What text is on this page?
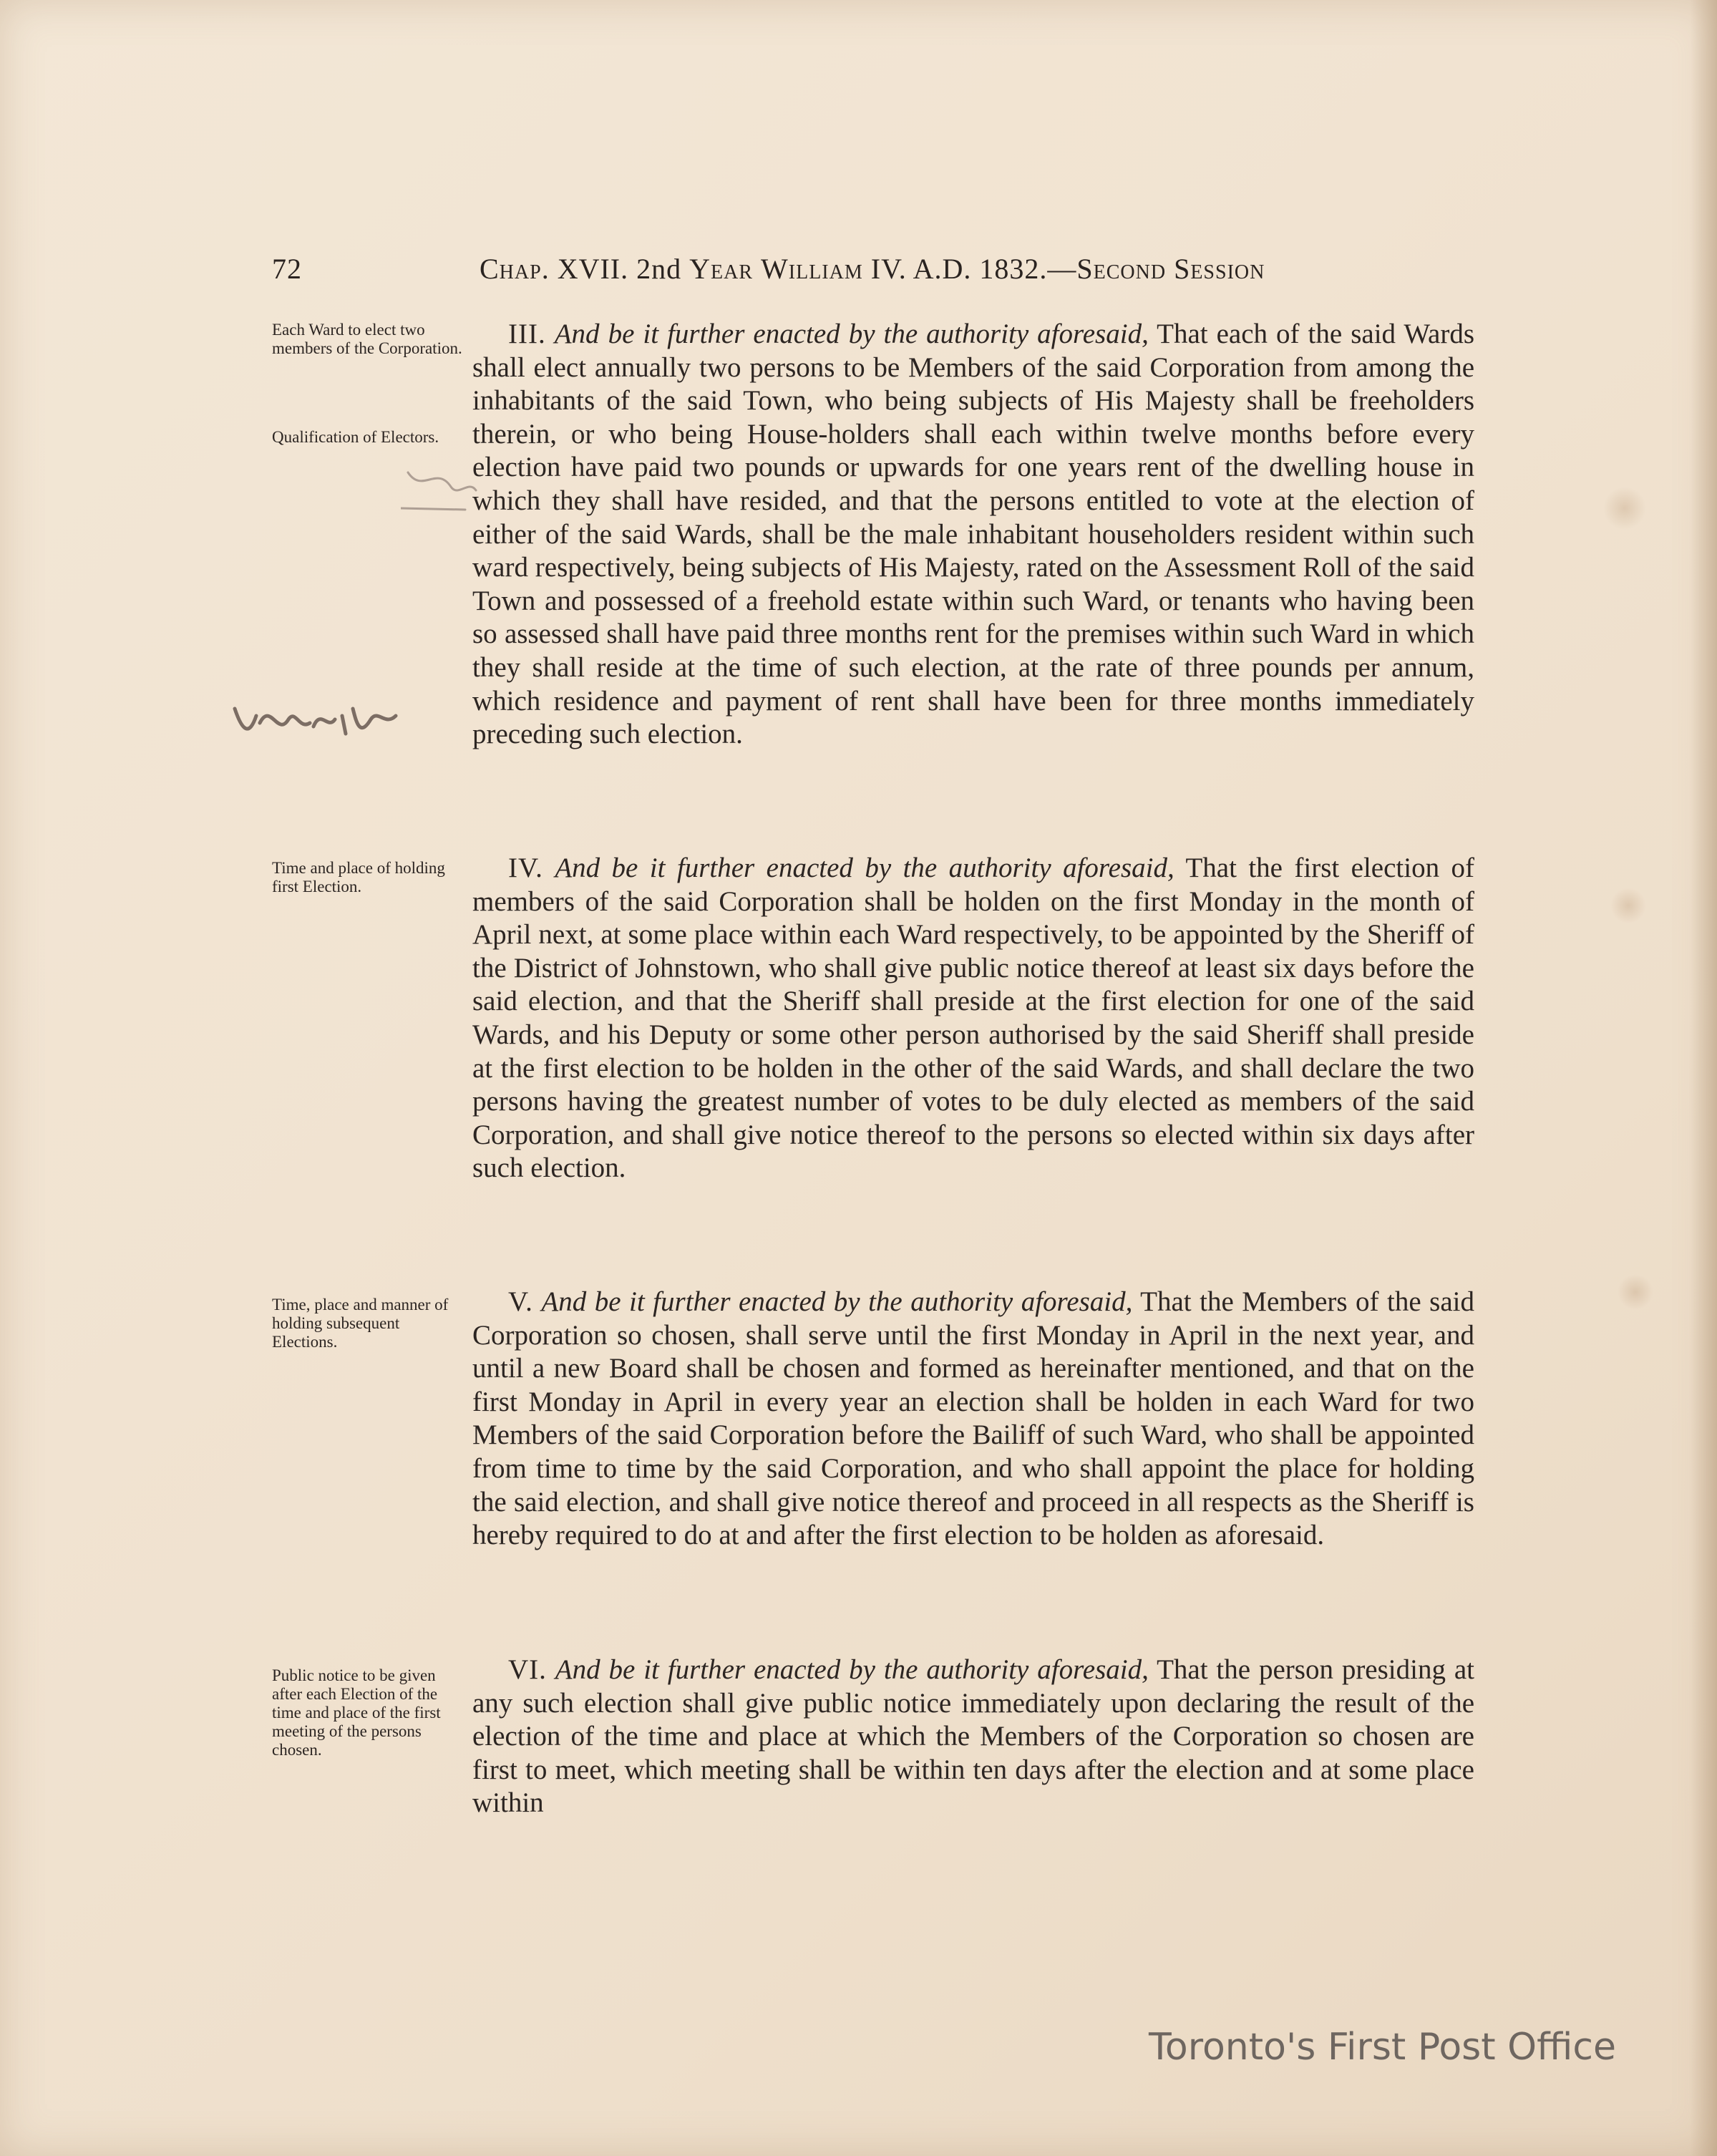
72	Chap. XVII. 2nd Year William IV. A.D. 1832.—Second Session
Each Ward to elect two members of the Corporation.
Qualification of Electors.

III. And be it further enacted by the authority aforesaid, That each of the said Wards shall elect annually two persons to be Members of the said Corporation from among the inhabitants of the said Town, who being subjects of His Majesty shall be freeholders therein, or who being House-holders shall each within twelve months before every election have paid two pounds or upwards for one years rent of the dwelling house in which they shall have resided, and that the persons entitled to vote at the election of either of the said Wards, shall be the male inhabitant householders resident within such ward respectively, being subjects of His Majesty, rated on the Assessment Roll of the said Town and possessed of a freehold estate within such Ward, or tenants who having been so assessed shall have paid three months rent for the premises within such Ward in which they shall reside at the time of such election, at the rate of three pounds per annum, which residence and payment of rent shall have been for three months immediately preceding such election.

Time and place of holding first Election.

IV. And be it further enacted by the authority aforesaid, That the first election of members of the said Corporation shall be holden on the first Monday in the month of April next, at some place within each Ward respectively, to be appointed by the Sheriff of the District of Johnstown, who shall give public notice thereof at least six days before the said election, and that the Sheriff shall preside at the first election for one of the said Wards, and his Deputy or some other person authorised by the said Sheriff shall preside at the first election to be holden in the other of the said Wards, and shall declare the two persons having the greatest number of votes to be duly elected as members of the said Corporation, and shall give notice thereof to the persons so elected within six days after such election.

Time, place and manner of holding subsequent Elections.

V. And be it further enacted by the authority aforesaid, That the Members of the said Corporation so chosen, shall serve until the first Monday in April in the next year, and until a new Board shall be chosen and formed as hereinafter mentioned, and that on the first Monday in April in every year an election shall be holden in each Ward for two Members of the said Corporation before the Bailiff of such Ward, who shall be appointed from time to time by the said Corporation, and who shall appoint the place for holding the said election, and shall give notice thereof and proceed in all respects as the Sheriff is hereby required to do at and after the first election to be holden as aforesaid.

Public notice to be given after each Election of the time and place of the first meeting of the persons chosen.

VI. And be it further enacted by the authority aforesaid, That the person presiding at any such election shall give public notice immediately upon declaring the result of the election of the time and place at which the Members of the Corporation so chosen are first to meet, which meeting shall be within ten days after the election and at some place within

Toronto's First Post Office
